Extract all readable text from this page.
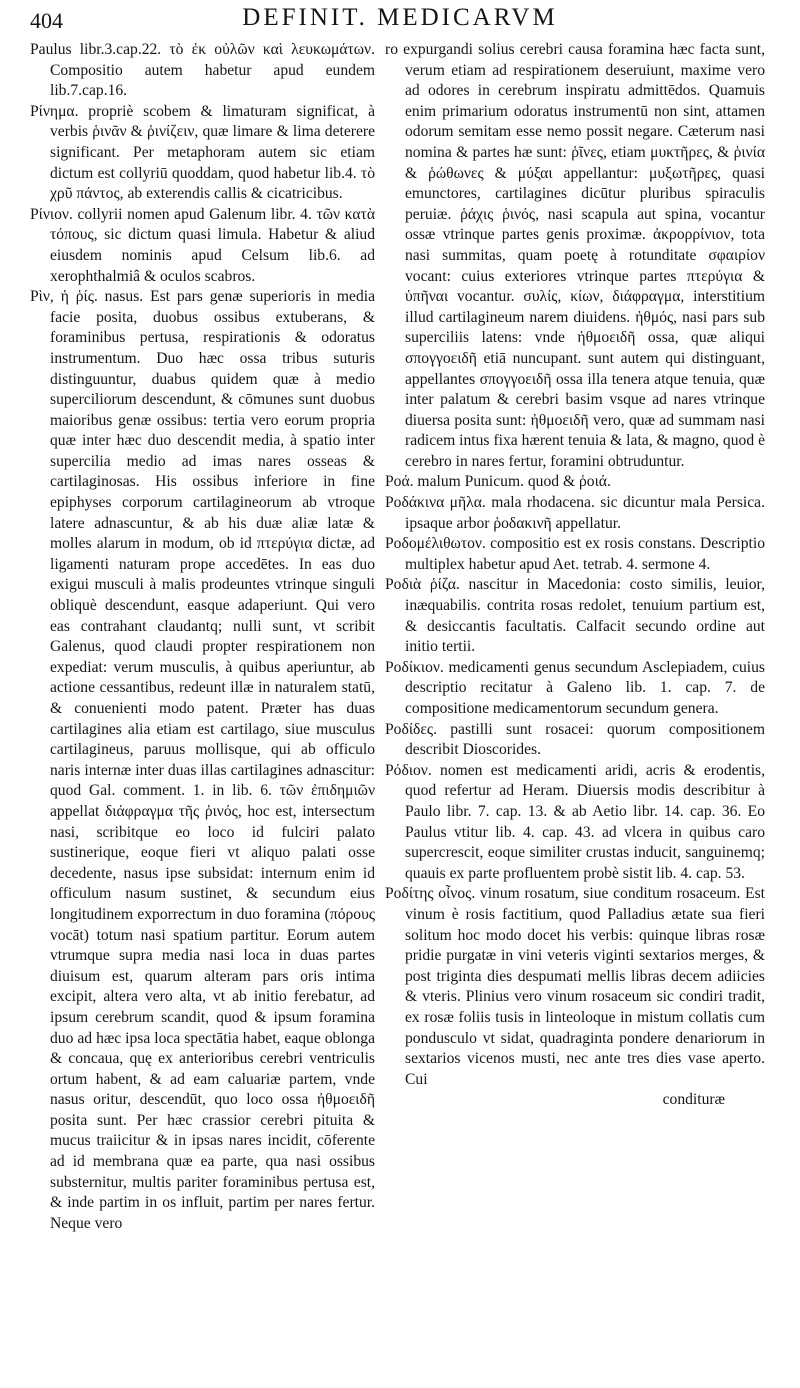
404	DEFINIT. MEDICARVM

Paulus libr.3.cap.22. τὸ ἐκ οὐλῶν καὶ λευκωμάτων. Compositio autem habetur apud eundem lib.7.cap.16.

Ρίνημα. propriè scobem & limaturam significat, à verbis ῥινᾶν & ῥινίζειν, quæ limare & lima deterere significant. Per metaphoram autem sic etiam dictum est collyriū quoddam, quod habetur lib.4. τὸ χρῦ πάντος, ab exterendis callis & cicatricibus.

Ρίνιον. collyrii nomen apud Galenum libr. 4. τῶν κατὰ τόπους, sic dictum quasi limula. Habetur & aliud eiusdem nominis apud Celsum lib.6. ad xerophthalmiâ & oculos scabros.

Ρὶν, ἡ ῥίς. nasus. Est pars genæ superioris in media facie posita, duobus ossibus extuberans, & foraminibus pertusa, respirationis & odoratus instrumentum. Duo hæc ossa tribus suturis distinguuntur, duabus quidem quæ à medio superciliorum descendunt, & cōmunes sunt duobus maioribus genæ ossibus: tertia vero eorum propria quæ inter hæc duo descendit media, à spatio inter supercilia medio ad imas nares osseas & cartilaginosas. His ossibus inferiore in fine epiphyses corporum cartilagineorum ab vtroque latere adnascuntur, & ab his duæ aliæ latæ & molles alarum in modum, ob id πτερύγια dictæ, ad ligamenti naturam prope accedētes. In eas duo exigui musculi à malis prodeuntes vtrinque singuli obliquè descendunt, easque adaperiunt. Qui vero eas contrahant claudantq; nulli sunt, vt scribit Galenus, quod claudi propter respirationem non expediat: verum musculis, à quibus aperiuntur, ab actione cessantibus, redeunt illæ in naturalem statū, & conuenienti modo patent. Præter has duas cartilagines alia etiam est cartilago, siue musculus cartilagineus, paruus mollisque, qui ab officulo naris internæ inter duas illas cartilagines adnascitur: quod Gal. comment. 1. in lib. 6. τῶν ἐπιδημιῶν appellat διάφραγμα τῆς ῥινός, hoc est, intersectum nasi, scribitque eo loco id fulciri palato sustinerique, eoque fieri vt aliquo palati osse decedente, nasus ipse subsidat: internum enim id officulum nasum sustinet, & secundum eius longitudinem exporrectum in duo foramina (πόρους vocāt) totum nasi spatium partitur. Eorum autem vtrumque supra media nasi loca in duas partes diuisum est, quarum alteram pars oris intima excipit, altera vero alta, vt ab initio ferebatur, ad ipsum cerebrum scandit, quod & ipsum foramina duo ad hæc ipsa loca spectātia habet, eaque oblonga & concaua, quę ex anterioribus cerebri ventriculis ortum habent, & ad eam caluariæ partem, vnde nasus oritur, descendūt, quo loco ossa ἠθμοειδῆ posita sunt. Per hæc crassior cerebri pituita & mucus traiicitur & in ipsas nares incidit, cōferente ad id membrana quæ ea parte, qua nasi ossibus substernitur, multis pariter foraminibus pertusa est, & inde partim in os influit, partim per nares fertur. Neque vero

ro expurgandi solius cerebri causa foramina hæc facta sunt, verum etiam ad respirationem deseruiunt, maxime vero ad odores in cerebrum inspiratu admittēdos. Quamuis enim primarium odoratus instrumentū non sint, attamen odorum semitam esse nemo possit negare. Cæterum nasi nomina & partes hæ sunt: ῥῖνες, etiam μυκτῆρες, & ῥινία & ῥώθωνες & μύξαι appellantur: μυξωτῆρες, quasi emunctores, cartilagines dicūtur pluribus spiraculis peruiæ. ῥάχις ῥινός, nasi scapula aut spina, vocantur ossæ vtrinque partes genis proximæ. ἀκρορρίνιον, tota nasi summitas, quam poetę à rotunditate σφαιρίον vocant: cuius exteriores vtrinque partes πτερύγια & ὑπῆναι vocantur. συλίς, κίων, διάφραγμα, interstitium illud cartilagineum narem diuidens. ἠθμός, nasi pars sub superciliis latens: vnde ἠθμοειδῆ ossa, quæ aliqui σπογγοειδῆ etiā nuncupant. sunt autem qui distinguant, appellantes σπογγοειδῆ ossa illa tenera atque tenuia, quæ inter palatum & cerebri basim vsque ad nares vtrinque diuersa posita sunt: ἠθμοειδῆ vero, quæ ad summam nasi radicem intus fixa hærent tenuia & lata, & magno, quod è cerebro in nares fertur, foramini obtruduntur.

Ροά. malum Punicum. quod & ῥοιά.

Ροδάκινα μῆλα. mala rhodacena. sic dicuntur mala Persica. ipsaque arbor ῥοδακινῆ appellatur.

Ροδομέλιθωτον. compositio est ex rosis constans. Descriptio multiplex habetur apud Aet. tetrab. 4. sermone 4.

Ροδιὰ ῥίζα. nascitur in Macedonia: costo similis, leuior, inæquabilis. contrita rosas redolet, tenuium partium est, & desiccantis facultatis. Calfacit secundo ordine aut initio tertii.

Ροδίκιον. medicamenti genus secundum Asclepiadem, cuius descriptio recitatur à Galeno lib. 1. cap. 7. de compositione medicamentorum secundum genera.

Ροδίδες. pastilli sunt rosacei: quorum compositionem describit Dioscorides.

Ρόδιον. nomen est medicamenti aridi, acris & erodentis, quod refertur ad Heram. Diuersis modis describitur à Paulo libr. 7. cap. 13. & ab Aetio libr. 14. cap. 36. Eo Paulus vtitur lib. 4. cap. 43. ad vlcera in quibus caro supercrescit, eoque similiter crustas inducit, sanguinemq; quauis ex parte profluentem probè sistit lib. 4. cap. 53.

Ροδίτης οἶνος. vinum rosatum, siue conditum rosaceum. Est vinum è rosis factitium, quod Palladius ætate sua fieri solitum hoc modo docet his verbis: quinque libras rosæ pridie purgatæ in vini veteris viginti sextarios merges, & post triginta dies despumati mellis libras decem adiicies & vteris. Plinius vero vinum rosaceum sic condiri tradit, ex rosæ foliis tusis in linteoloque in mistum collatis cum pondusculo vt sidat, quadraginta pondere denariorum in sextarios vicenos musti, nec ante tres dies vase aperto. Cui

condituræ
